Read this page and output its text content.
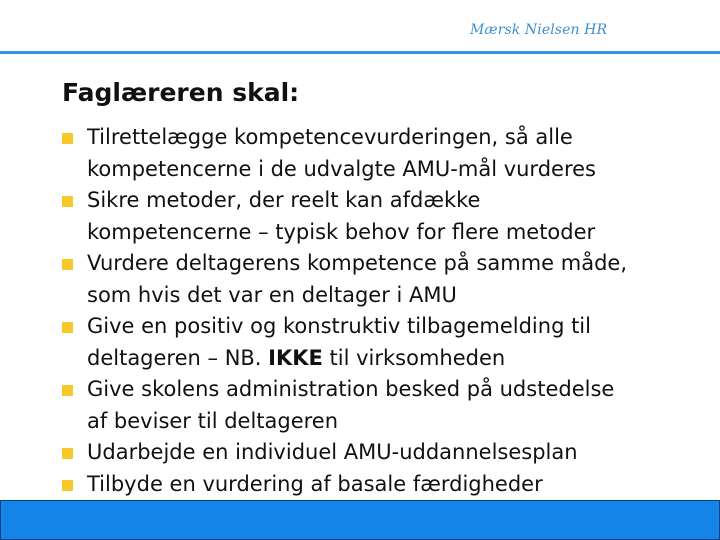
Mærsk Nielsen HR
Faglæreren skal:
Tilrettelægge kompetencevurderingen, så alle
kompetencerne i de udvalgte AMU-mål vurderes
Sikre metoder, der reelt kan afdække
kompetencerne – typisk behov for flere metoder
Vurdere deltagerens kompetence på samme måde,
som hvis det var en deltager i AMU
Give en positiv og konstruktiv tilbagemelding til
deltageren – NB. IKKE til virksomheden
Give skolens administration besked på udstedelse
af beviser til deltageren
Udarbejde en individuel AMU-uddannelsesplan
Tilbyde en vurdering af basale færdigheder
